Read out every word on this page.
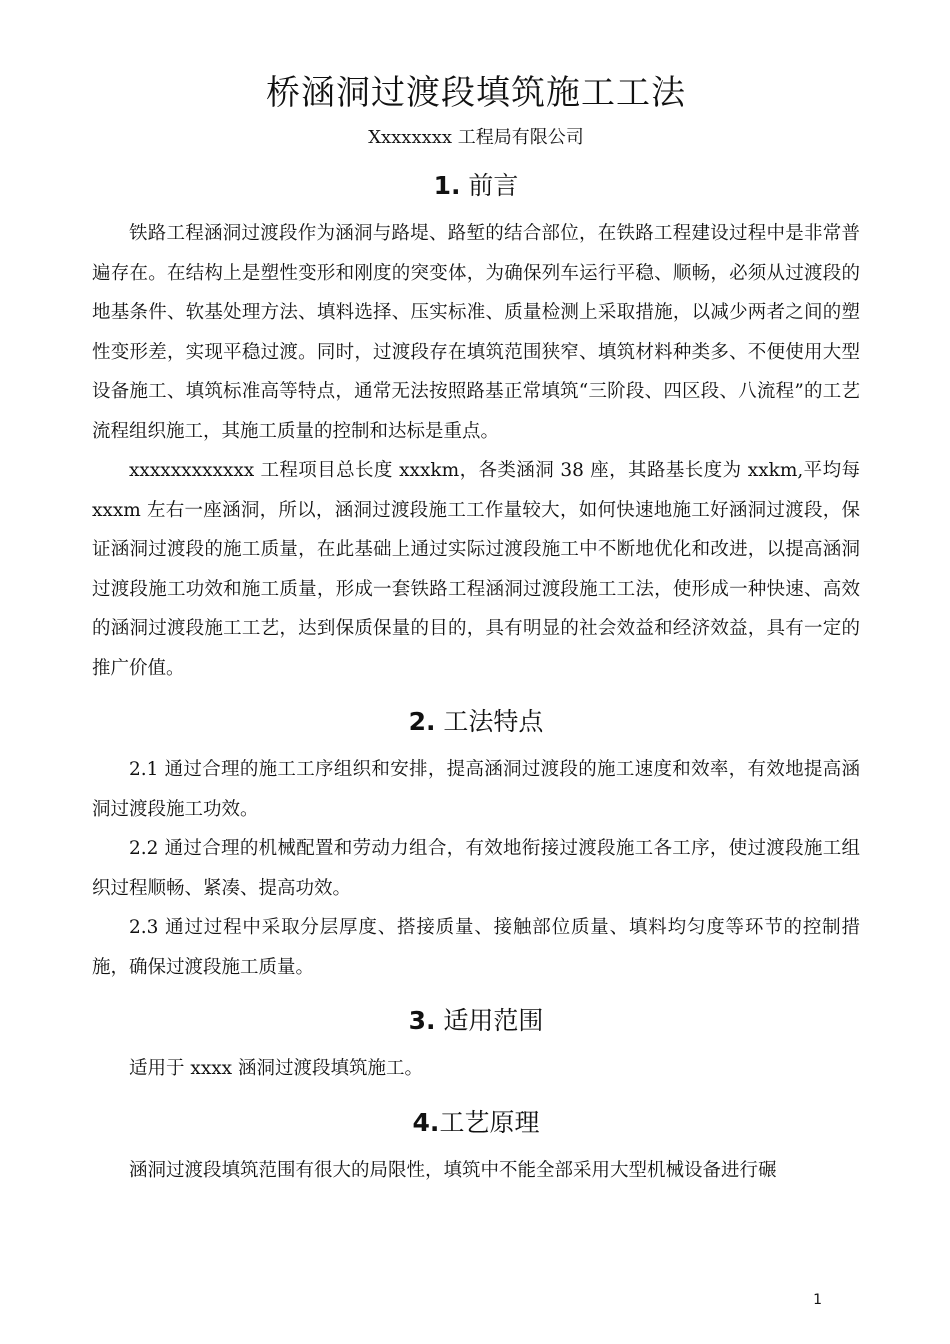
桥涵洞过渡段填筑施工工法
Xxxxxxxx 工程局有限公司
1. 前言

铁路工程涵洞过渡段作为涵洞与路堤、路堑的结合部位，在铁路工程建设过程中是非常普遍存在。在结构上是塑性变形和刚度的突变体，为确保列车运行平稳、顺畅，必须从过渡段的地基条件、软基处理方法、填料选择、压实标准、质量检测上采取措施，以减少两者之间的塑性变形差，实现平稳过渡。同时，过渡段存在填筑范围狭窄、填筑材料种类多、不便使用大型设备施工、填筑标准高等特点，通常无法按照路基正常填筑“三阶段、四区段、八流程”的工艺流程组织施工，其施工质量的控制和达标是重点。

xxxxxxxxxxxx 工程项目总长度 xxxkm，各类涵洞 38 座，其路基长度为 xxkm,平均每 xxxm 左右一座涵洞，所以，涵洞过渡段施工工作量较大，如何快速地施工好涵洞过渡段，保证涵洞过渡段的施工质量，在此基础上通过实际过渡段施工中不断地优化和改进，以提高涵洞过渡段施工功效和施工质量，形成一套铁路工程涵洞过渡段施工工法，使形成一种快速、高效的涵洞过渡段施工工艺，达到保质保量的目的，具有明显的社会效益和经济效益，具有一定的推广价值。

2. 工法特点

2.1 通过合理的施工工序组织和安排，提高涵洞过渡段的施工速度和效率，有效地提高涵洞过渡段施工功效。

2.2 通过合理的机械配置和劳动力组合，有效地衔接过渡段施工各工序，使过渡段施工组织过程顺畅、紧凑、提高功效。

2.3 通过过程中采取分层厚度、搭接质量、接触部位质量、填料均匀度等环节的控制措施，确保过渡段施工质量。

3. 适用范围

适用于 xxxx 涵洞过渡段填筑施工。

4.工艺原理

涵洞过渡段填筑范围有很大的局限性，填筑中不能全部采用大型机械设备进行碾

1
